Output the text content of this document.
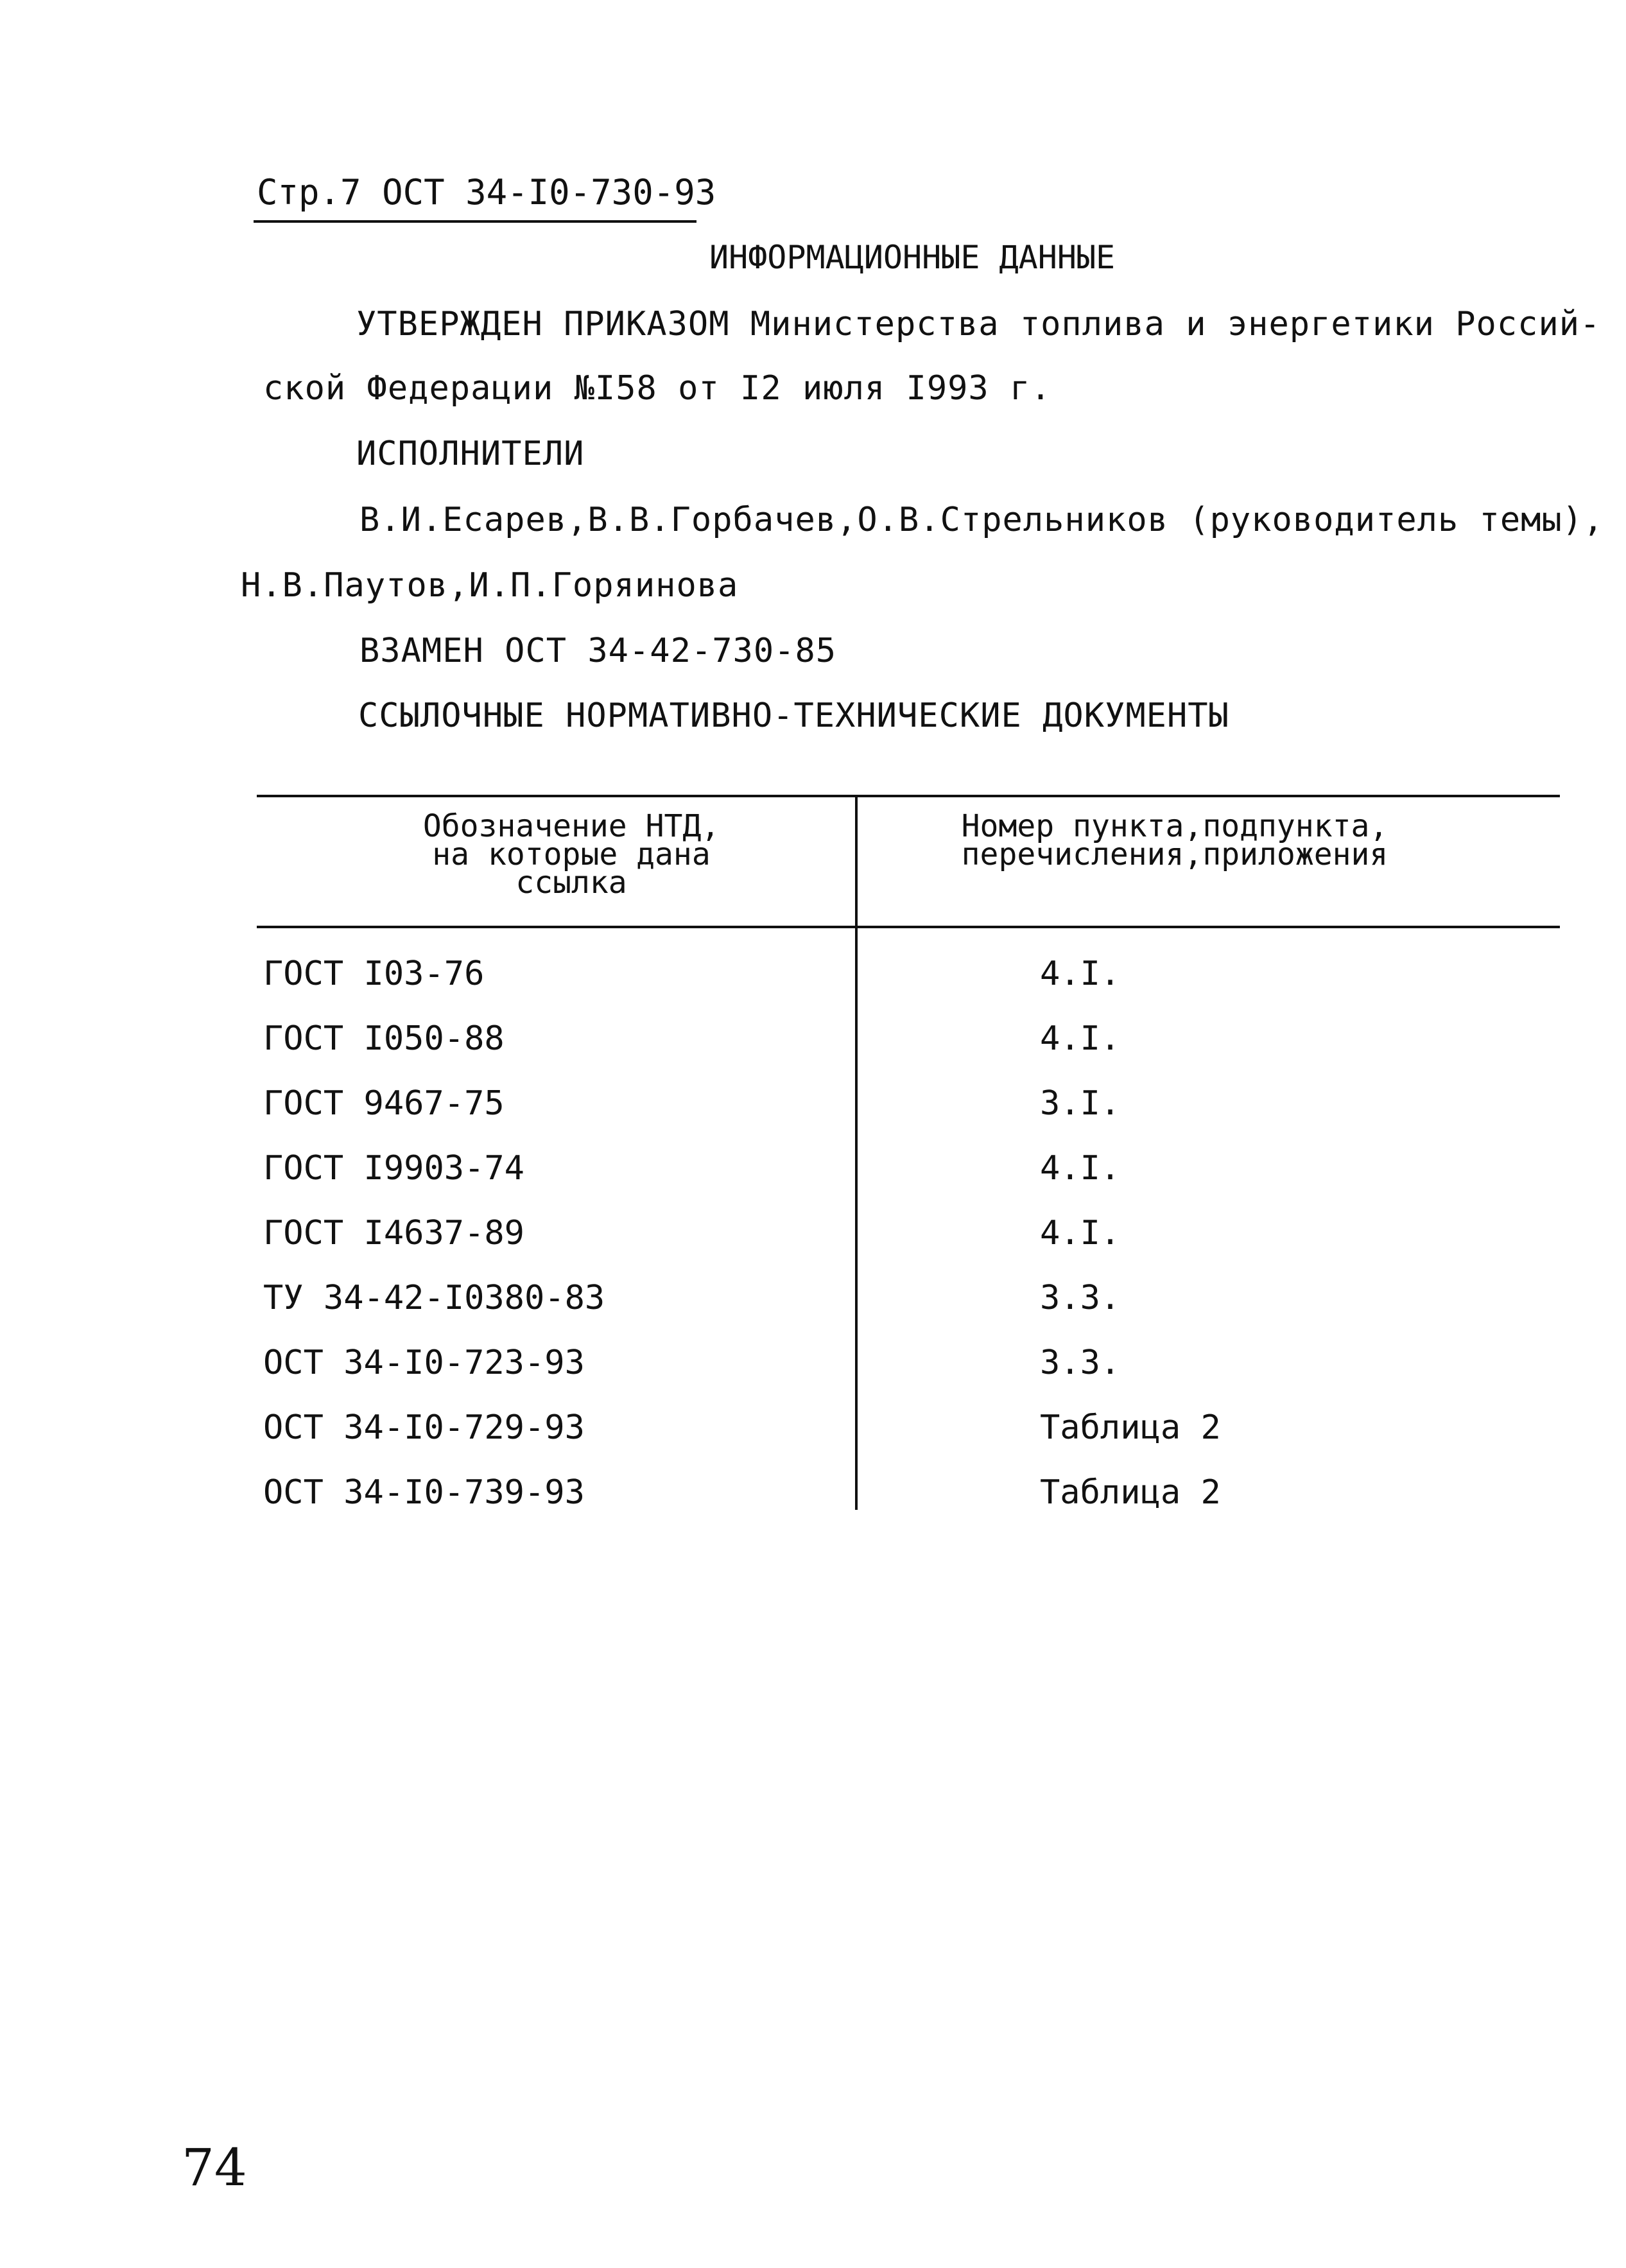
Стр.7 ОСТ 34-I0-730-93
ИНФОРМАЦИОННЫЕ ДАННЫЕ
УТВЕРЖДЕН ПРИКАЗОМ Министерства топлива и энергетики Россий-
ской Федерации №I58 от I2 июля I993 г.
ИСПОЛНИТЕЛИ
В.И.Есарев,В.В.Горбачев,О.В.Стрельников (руководитель темы),
Н.В.Паутов,И.П.Горяинова
ВЗАМЕН ОСТ 34-42-730-85
ССЫЛОЧНЫЕ НОРМАТИВНО-ТЕХНИЧЕСКИЕ ДОКУМЕНТЫ
Обозначение НТД,
на которые дана
ссылка
Номер пункта,подпункта,
перечисления,приложения
ГОСТ I03-76	4.I.
ГОСТ I050-88	4.I.
ГОСТ 9467-75	3.I.
ГОСТ I9903-74	4.I.
ГОСТ I4637-89	4.I.
ТУ 34-42-I0380-83	3.3.
ОСТ 34-I0-723-93	3.3.
ОСТ 34-I0-729-93	Таблица 2
ОСТ 34-I0-739-93	Таблица 2
74
